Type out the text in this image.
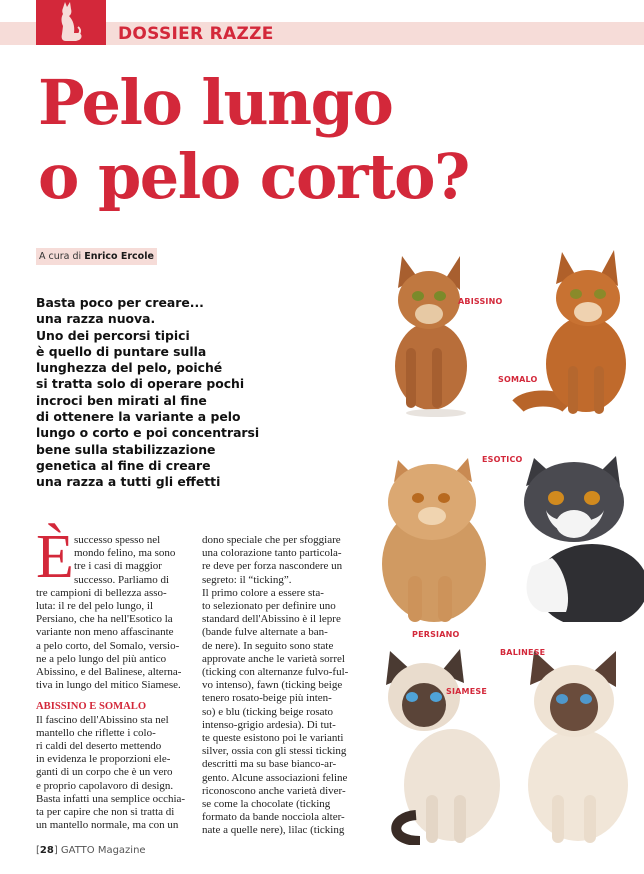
DOSSIER RAZZE
Pelo lungo
o pelo corto?
A cura di Enrico Ercole
Basta poco per creare...
una razza nuova.
Uno dei percorsi tipici
è quello di puntare sulla
lunghezza del pelo, poiché
si tratta solo di operare pochi
incroci ben mirati al fine
di ottenere la variante a pelo
lungo o corto e poi concentrarsi
bene sulla stabilizzazione
genetica al fine di creare
una razza a tutti gli effetti
È successo spesso nel
mondo felino, ma sono
tre i casi di maggior
successo. Parliamo di
tre campioni di bellezza asso-
luta: il re del pelo lungo, il
Persiano, che ha nell'Esotico la
variante non meno affascinante
a pelo corto, del Somalo, versio-
ne a pelo lungo del più antico
Abissino, e del Balinese, alterna-
tiva in lungo del mitico Siamese.
ABISSINO E SOMALO
Il fascino dell'Abissino sta nel
mantello che riflette i colo-
ri caldi del deserto mettendo
in evidenza le proporzioni ele-
ganti di un corpo che è un vero
e proprio capolavoro di design.
Basta infatti una semplice occhia-
ta per capire che non si tratta di
un mantello normale, ma con un
dono speciale che per sfoggiare
una colorazione tanto particola-
re deve per forza nascondere un
segreto: il “ticking”.
Il primo colore a essere sta-
to selezionato per definire uno
standard dell'Abissino è il lepre
(bande fulve alternate a ban-
de nere). In seguito sono state
approvate anche le varietà sorrel
(ticking con alternanze fulvo-ful-
vo intenso), fawn (ticking beige
tenero rosato-beige più inten-
so) e blu (ticking beige rosato
intenso-grigio ardesia). Di tut-
te queste esistono poi le varianti
silver, ossia con gli stessi ticking
descritti ma su base bianco-ar-
gento. Alcune associazioni feline
riconoscono anche varietà diver-
se come la chocolate (ticking
formato da bande nocciola alter-
nate a quelle nere), lilac (ticking
ABISSINO
SOMALO
PERSIANO
ESOTICO
SIAMESE
BALINESE
[28] GATTO Magazine
